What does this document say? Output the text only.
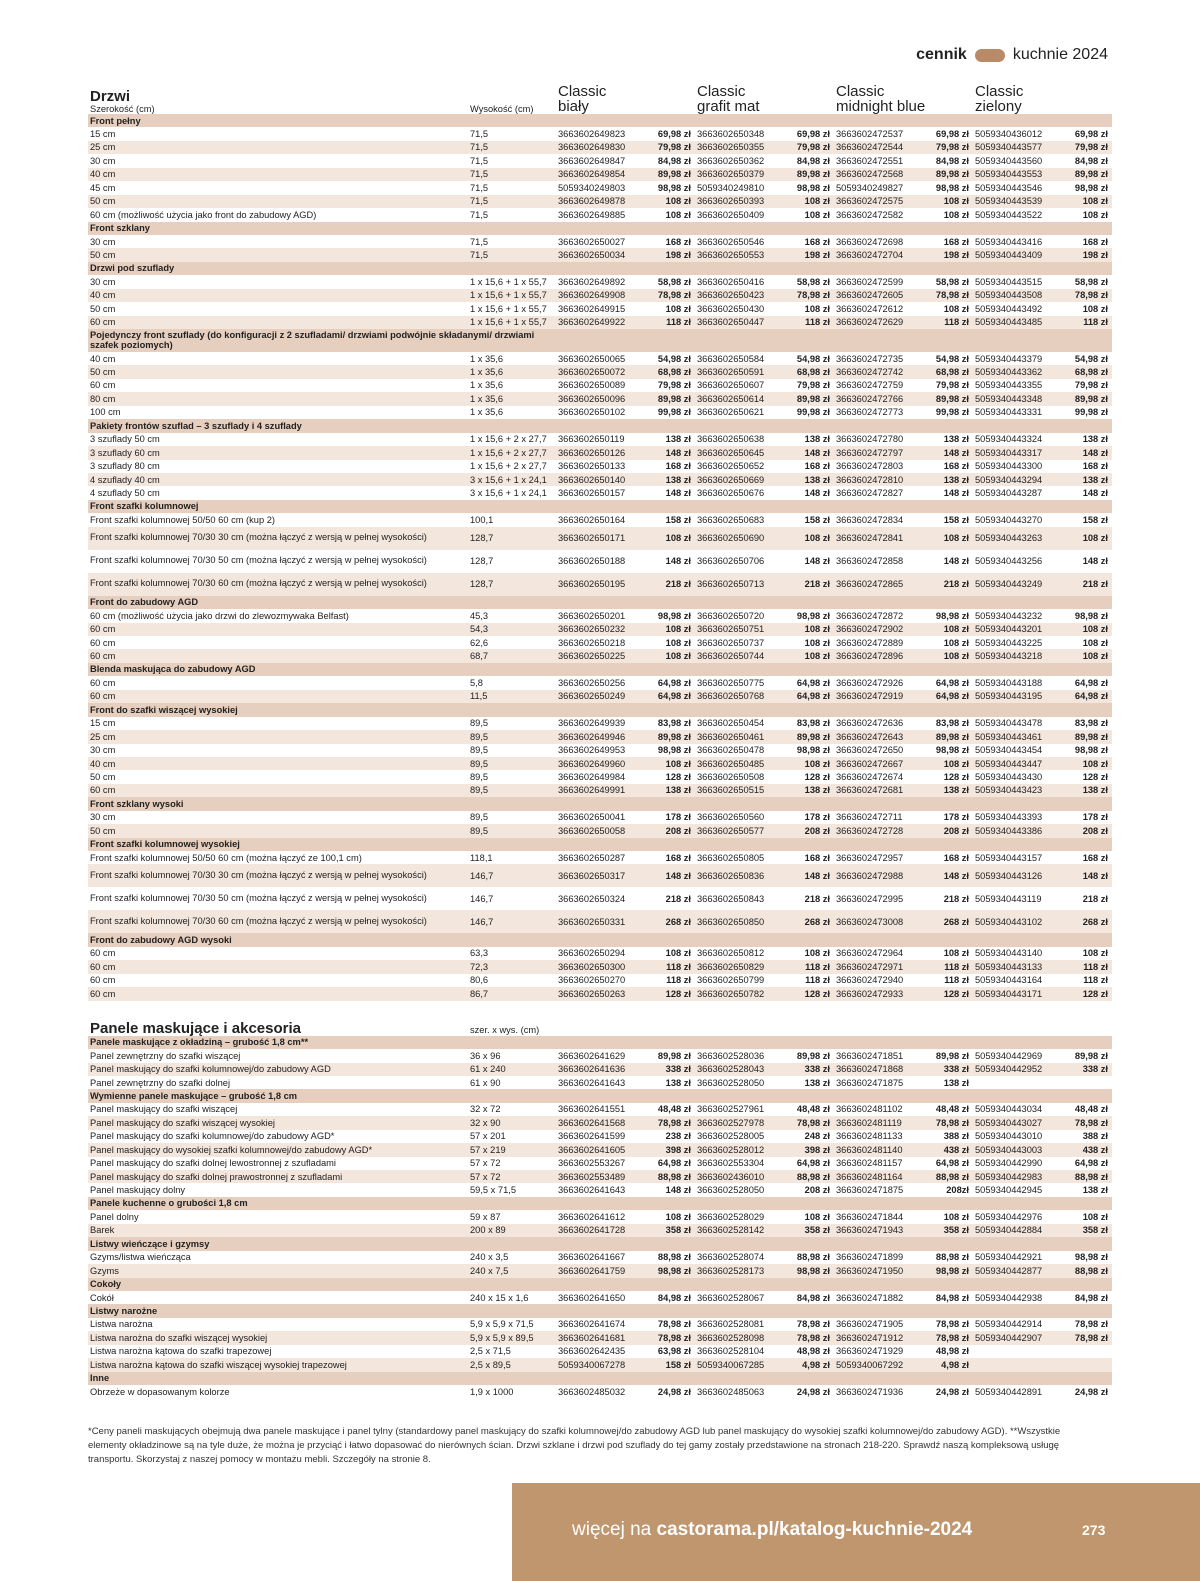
cennik	kuchnie 2024
Drzwi
Szerokość (cm)	Wysokość (cm)	Classic
biały		Classic
grafit mat		Classic
midnight blue		Classic
zielony	

Front pełny									
15 cm	71,5	3663602649823	69,98 zł	3663602650348	69,98 zł	3663602472537	69,98 zł	5059340436012	69,98 zł
25 cm	71,5	3663602649830	79,98 zł	3663602650355	79,98 zł	3663602472544	79,98 zł	5059340443577	79,98 zł
30 cm	71,5	3663602649847	84,98 zł	3663602650362	84,98 zł	3663602472551	84,98 zł	5059340443560	84,98 zł
40 cm	71,5	3663602649854	89,98 zł	3663602650379	89,98 zł	3663602472568	89,98 zł	5059340443553	89,98 zł
45 cm	71,5	5059340249803	98,98 zł	5059340249810	98,98 zł	5059340249827	98,98 zł	5059340443546	98,98 zł
50 cm	71,5	3663602649878	108 zł	3663602650393	108 zł	3663602472575	108 zł	5059340443539	108 zł
60 cm (możliwość użycia jako front do zabudowy AGD)	71,5	3663602649885	108 zł	3663602650409	108 zł	3663602472582	108 zł	5059340443522	108 zł
Front szklany									
30 cm	71,5	3663602650027	168 zł	3663602650546	168 zł	3663602472698	168 zł	5059340443416	168 zł
50 cm	71,5	3663602650034	198 zł	3663602650553	198 zł	3663602472704	198 zł	5059340443409	198 zł
Drzwi pod szuflady									
30 cm	1 x 15,6 + 1 x 55,7	3663602649892	58,98 zł	3663602650416	58,98 zł	3663602472599	58,98 zł	5059340443515	58,98 zł
40 cm	1 x 15,6 + 1 x 55,7	3663602649908	78,98 zł	3663602650423	78,98 zł	3663602472605	78,98 zł	5059340443508	78,98 zł
50 cm	1 x 15,6 + 1 x 55,7	3663602649915	108 zł	3663602650430	108 zł	3663602472612	108 zł	5059340443492	108 zł
60 cm	1 x 15,6 + 1 x 55,7	3663602649922	118 zł	3663602650447	118 zł	3663602472629	118 zł	5059340443485	118 zł
Pojedynczy front szuflady (do konfiguracji z 2 szufladami/ drzwiami podwójnie składanymi/ drzwiami szafek poziomych)									
40 cm	1 x 35,6	3663602650065	54,98 zł	3663602650584	54,98 zł	3663602472735	54,98 zł	5059340443379	54,98 zł
50 cm	1 x 35,6	3663602650072	68,98 zł	3663602650591	68,98 zł	3663602472742	68,98 zł	5059340443362	68,98 zł
60 cm	1 x 35,6	3663602650089	79,98 zł	3663602650607	79,98 zł	3663602472759	79,98 zł	5059340443355	79,98 zł
80 cm	1 x 35,6	3663602650096	89,98 zł	3663602650614	89,98 zł	3663602472766	89,98 zł	5059340443348	89,98 zł
100 cm	1 x 35,6	3663602650102	99,98 zł	3663602650621	99,98 zł	3663602472773	99,98 zł	5059340443331	99,98 zł
Pakiety frontów szuflad – 3 szuflady i 4 szuflady									
3 szuflady 50 cm	1 x 15,6 + 2 x 27,7	3663602650119	138 zł	3663602650638	138 zł	3663602472780	138 zł	5059340443324	138 zł
3 szuflady 60 cm	1 x 15,6 + 2 x 27,7	3663602650126	148 zł	3663602650645	148 zł	3663602472797	148 zł	5059340443317	148 zł
3 szuflady 80 cm	1 x 15,6 + 2 x 27,7	3663602650133	168 zł	3663602650652	168 zł	3663602472803	168 zł	5059340443300	168 zł
4 szuflady 40 cm	3 x 15,6 + 1 x 24,1	3663602650140	138 zł	3663602650669	138 zł	3663602472810	138 zł	5059340443294	138 zł
4 szuflady 50 cm	3 x 15,6 + 1 x 24,1	3663602650157	148 zł	3663602650676	148 zł	3663602472827	148 zł	5059340443287	148 zł
Front szafki kolumnowej									
Front szafki kolumnowej 50/50 60 cm (kup 2)	100,1	3663602650164	158 zł	3663602650683	158 zł	3663602472834	158 zł	5059340443270	158 zł
Front szafki kolumnowej 70/30 30 cm (można łączyć z wersją w pełnej wysokości)	128,7	3663602650171	108 zł	3663602650690	108 zł	3663602472841	108 zł	5059340443263	108 zł
Front szafki kolumnowej 70/30 50 cm (można łączyć z wersją w pełnej wysokości)	128,7	3663602650188	148 zł	3663602650706	148 zł	3663602472858	148 zł	5059340443256	148 zł
Front szafki kolumnowej 70/30 60 cm (można łączyć z wersją w pełnej wysokości)	128,7	3663602650195	218 zł	3663602650713	218 zł	3663602472865	218 zł	5059340443249	218 zł
Front do zabudowy AGD									
60 cm (możliwość użycia jako drzwi do zlewozmywaka Belfast)	45,3	3663602650201	98,98 zł	3663602650720	98,98 zł	3663602472872	98,98 zł	5059340443232	98,98 zł
60 cm	54,3	3663602650232	108 zł	3663602650751	108 zł	3663602472902	108 zł	5059340443201	108 zł
60 cm	62,6	3663602650218	108 zł	3663602650737	108 zł	3663602472889	108 zł	5059340443225	108 zł
60 cm	68,7	3663602650225	108 zł	3663602650744	108 zł	3663602472896	108 zł	5059340443218	108 zł
Blenda maskująca do zabudowy AGD									
60 cm	5,8	3663602650256	64,98 zł	3663602650775	64,98 zł	3663602472926	64,98 zł	5059340443188	64,98 zł
60 cm	11,5	3663602650249	64,98 zł	3663602650768	64,98 zł	3663602472919	64,98 zł	5059340443195	64,98 zł
Front do szafki wiszącej wysokiej									
15 cm	89,5	3663602649939	83,98 zł	3663602650454	83,98 zł	3663602472636	83,98 zł	5059340443478	83,98 zł
25 cm	89,5	3663602649946	89,98 zł	3663602650461	89,98 zł	3663602472643	89,98 zł	5059340443461	89,98 zł
30 cm	89,5	3663602649953	98,98 zł	3663602650478	98,98 zł	3663602472650	98,98 zł	5059340443454	98,98 zł
40 cm	89,5	3663602649960	108 zł	3663602650485	108 zł	3663602472667	108 zł	5059340443447	108 zł
50 cm	89,5	3663602649984	128 zł	3663602650508	128 zł	3663602472674	128 zł	5059340443430	128 zł
60 cm	89,5	3663602649991	138 zł	3663602650515	138 zł	3663602472681	138 zł	5059340443423	138 zł
Front szklany wysoki									
30 cm	89,5	3663602650041	178 zł	3663602650560	178 zł	3663602472711	178 zł	5059340443393	178 zł
50 cm	89,5	3663602650058	208 zł	3663602650577	208 zł	3663602472728	208 zł	5059340443386	208 zł
Front szafki kolumnowej wysokiej									
Front szafki kolumnowej 50/50 60 cm (można łączyć ze 100,1 cm)	118,1	3663602650287	168 zł	3663602650805	168 zł	3663602472957	168 zł	5059340443157	168 zł
Front szafki kolumnowej 70/30 30 cm (można łączyć z wersją w pełnej wysokości)	146,7	3663602650317	148 zł	3663602650836	148 zł	3663602472988	148 zł	5059340443126	148 zł
Front szafki kolumnowej 70/30 50 cm (można łączyć z wersją w pełnej wysokości)	146,7	3663602650324	218 zł	3663602650843	218 zł	3663602472995	218 zł	5059340443119	218 zł
Front szafki kolumnowej 70/30 60 cm (można łączyć z wersją w pełnej wysokości)	146,7	3663602650331	268 zł	3663602650850	268 zł	3663602473008	268 zł	5059340443102	268 zł
Front do zabudowy AGD wysoki									
60 cm	63,3	3663602650294	108 zł	3663602650812	108 zł	3663602472964	108 zł	5059340443140	108 zł
60 cm	72,3	3663602650300	118 zł	3663602650829	118 zł	3663602472971	118 zł	5059340443133	118 zł
60 cm	80,6	3663602650270	118 zł	3663602650799	118 zł	3663602472940	118 zł	5059340443164	118 zł
60 cm	86,7	3663602650263	128 zł	3663602650782	128 zł	3663602472933	128 zł	5059340443171	128 zł

Panele maskujące i akcesoria	szer. x wys. (cm)								

Panele maskujące z okładziną – grubość 1,8 cm**									
Panel zewnętrzny do szafki wiszącej	36 x 96	3663602641629	89,98 zł	3663602528036	89,98 zł	3663602471851	89,98 zł	5059340442969	89,98 zł
Panel maskujący do szafki kolumnowej/do zabudowy AGD	61 x 240	3663602641636	338 zł	3663602528043	338 zł	3663602471868	338 zł	5059340442952	338 zł
Panel zewnętrzny do szafki dolnej	61 x 90	3663602641643	138 zł	3663602528050	138 zł	3663602471875	138 zł		
Wymienne panele maskujące – grubość 1,8 cm									
Panel maskujący do szafki wiszącej	32 x 72	3663602641551	48,48 zł	3663602527961	48,48 zł	3663602481102	48,48 zł	5059340443034	48,48 zł
Panel maskujący do szafki wiszącej wysokiej	32 x 90	3663602641568	78,98 zł	3663602527978	78,98 zł	3663602481119	78,98 zł	5059340443027	78,98 zł
Panel maskujący do szafki kolumnowej/do zabudowy AGD*	57 x 201	3663602641599	238 zł	3663602528005	248 zł	3663602481133	388 zł	5059340443010	388 zł
Panel maskujący do wysokiej szafki kolumnowej/do zabudowy AGD*	57 x 219	3663602641605	398 zł	3663602528012	398 zł	3663602481140	438 zł	5059340443003	438 zł
Panel maskujący do szafki dolnej lewostronnej z szufladami	57 x 72	3663602553267	64,98 zł	3663602553304	64,98 zł	3663602481157	64,98 zł	5059340442990	64,98 zł
Panel maskujący do szafki dolnej prawostronnej z szufladami	57 x 72	3663602553489	88,98 zł	3663602436010	88,98 zł	3663602481164	88,98 zł	5059340442983	88,98 zł
Panel maskujący dolny	59,5 x 71,5	3663602641643	148 zł	3663602528050	208 zł	3663602471875	208zł	5059340442945	138 zł
Panele kuchenne o grubości 1,8 cm									
Panel dolny	59 x 87	3663602641612	108 zł	3663602528029	108 zł	3663602471844	108 zł	5059340442976	108 zł
Barek	200 x 89	3663602641728	358 zł	3663602528142	358 zł	3663602471943	358 zł	5059340442884	358 zł
Listwy wieńczące i gzymsy									
Gzyms/listwa wieńcząca	240 x 3,5	3663602641667	88,98 zł	3663602528074	88,98 zł	3663602471899	88,98 zł	5059340442921	98,98 zł
Gzyms	240 x 7,5	3663602641759	98,98 zł	3663602528173	98,98 zł	3663602471950	98,98 zł	5059340442877	88,98 zł
Cokoły									
Cokół	240 x 15 x 1,6	3663602641650	84,98 zł	3663602528067	84,98 zł	3663602471882	84,98 zł	5059340442938	84,98 zł
Listwy narożne									
Listwa narożna	5,9 x 5,9 x 71,5	3663602641674	78,98 zł	3663602528081	78,98 zł	3663602471905	78,98 zł	5059340442914	78,98 zł
Listwa narożna do szafki wiszącej wysokiej	5,9 x 5,9 x 89,5	3663602641681	78,98 zł	3663602528098	78,98 zł	3663602471912	78,98 zł	5059340442907	78,98 zł
Listwa narożna kątowa do szafki trapezowej	2,5 x 71,5	3663602642435	63,98 zł	3663602528104	48,98 zł	3663602471929	48,98 zł		
Listwa narożna kątowa do szafki wiszącej wysokiej trapezowej	2,5 x 89,5	5059340067278	158 zł	5059340067285	4,98 zł	5059340067292	4,98 zł		
Inne									
Obrzeże w dopasowanym kolorze	1,9 x 1000	3663602485032	24,98 zł	3663602485063	24,98 zł	3663602471936	24,98 zł	5059340442891	24,98 zł
*Ceny paneli maskujących obejmują dwa panele maskujące i panel tylny (standardowy panel maskujący do szafki kolumnowej/do zabudowy AGD lub panel maskujący do wysokiej szafki kolumnowej/do zabudowy AGD). **Wszystkie elementy okładzinowe są na tyle duże, że można je przyciąć i łatwo dopasować do nierównych ścian. Drzwi szklane i drzwi pod szuflady do tej gamy zostały przedstawione na stronach 218-220. Sprawdź naszą kompleksową usługę transportu. Skorzystaj z naszej pomocy w montażu mebli. Szczegóły na stronie 8.
więcej na castorama.pl/katalog-kuchnie-2024	273
